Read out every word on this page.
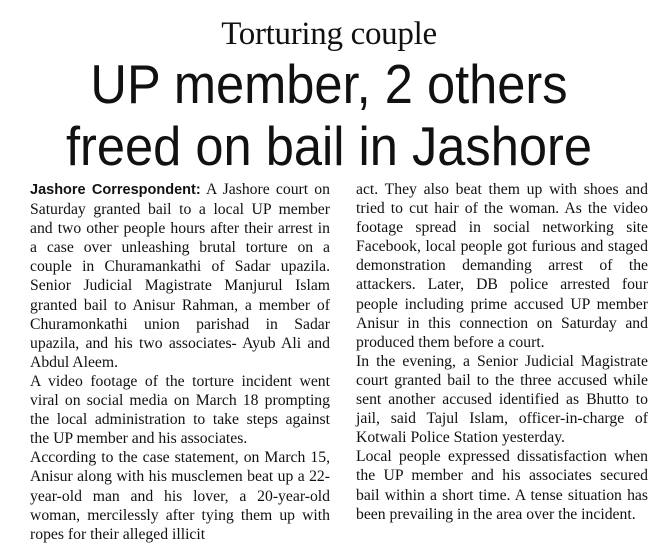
Torturing couple
UP member, 2 others
freed on bail in Jashore

Jashore Correspondent: A Jashore court on Saturday granted bail to a local UP member and two other people hours after their arrest in a case over unleashing brutal torture on a couple in Churamankathi of Sadar upazila. Senior Judicial Magistrate Manjurul Islam granted bail to Anisur Rahman, a member of Churamonkathi union parishad in Sadar upazila, and his two associates- Ayub Ali and Abdul Aleem.

A video footage of the torture incident went viral on social media on March 18 prompting the local administration to take steps against the UP member and his associates.

According to the case statement, on March 15, Anisur along with his musclemen beat up a 22-year-old man and his lover, a 20-year-old woman, mercilessly after tying them up with ropes for their alleged illicit

act. They also beat them up with shoes and tried to cut hair of the woman. As the video footage spread in social networking site Facebook, local people got furious and staged demonstration demanding arrest of the attackers. Later, DB police arrested four people including prime accused UP member Anisur in this connection on Saturday and produced them before a court.

In the evening, a Senior Judicial Magistrate court granted bail to the three accused while sent another accused identified as Bhutto to jail, said Tajul Islam, officer-in-charge of Kotwali Police Station yesterday.

Local people expressed dissatisfaction when the UP member and his associates secured bail within a short time. A tense situation has been prevailing in the area over the incident.
